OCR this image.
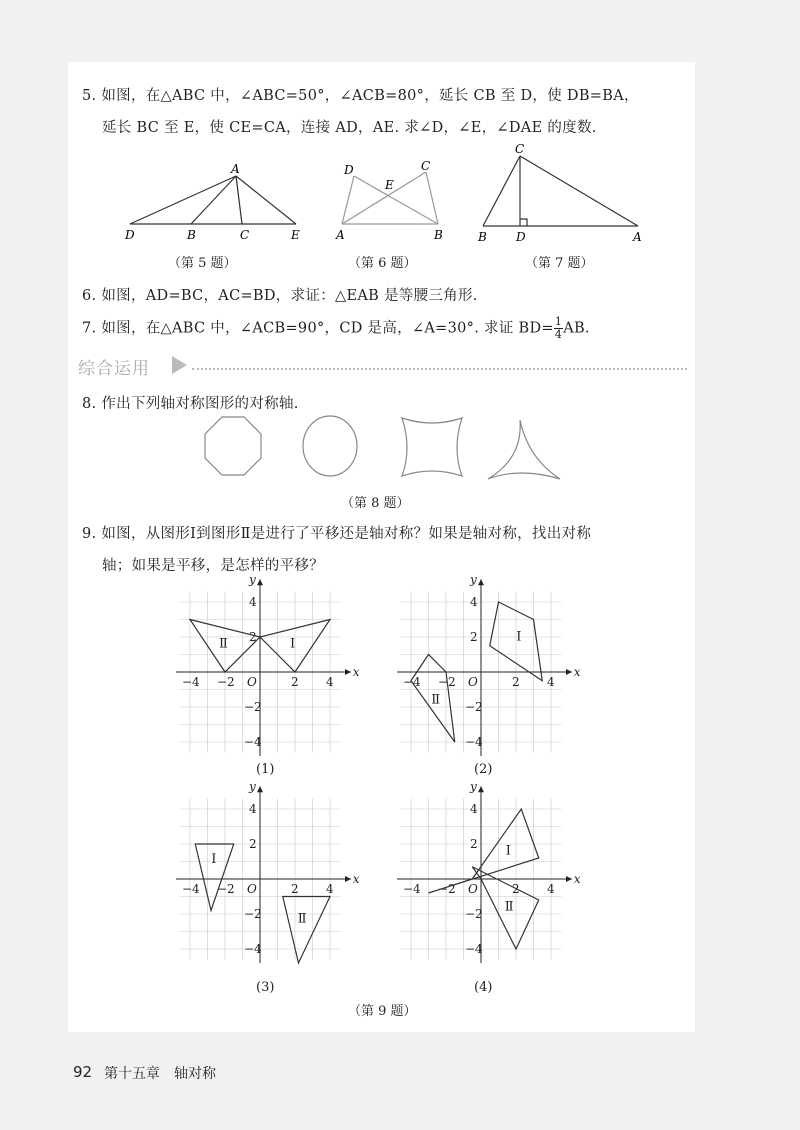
5. 如图，在△ABC 中，∠ABC=50°，∠ACB=80°，延长 CB 至 D，使 DB=BA，
延长 BC 至 E，使 CE=CA，连接 AD，AE. 求∠D，∠E，∠DAE 的度数.
A
D	B	C	E
（第 5 题）
D	C
E
A	B
（第 6 题）
C
B D	A
（第 7 题）
6. 如图，AD=BC，AC=BD，求证：△EAB 是等腰三角形.
7. 如图，在△ABC 中，∠ACB=90°，CD 是高，∠A=30°. 求证 $BD= \frac{1}{4}$ AB.
综合运用
8. 作出下列轴对称图形的对称轴.
（第 8 题）
9. 如图，从图形Ⅰ到图形Ⅱ是进行了平移还是轴对称？如果是轴对称，找出对称
轴；如果是平移，是怎样的平移？
x
y
O
−4 −2	2 4
4
2
−2
−4
Ⅰ
Ⅱ
x
y
O
−4 −2	2 4
4
2
−2
−4
Ⅰ
Ⅱ
x
y
O
−4 −2	2 4
4
2
−2
−4
Ⅰ
Ⅱ
x
y
O
−4 −2	2 4
4
2
−2
−4
Ⅰ
Ⅱ
(1)	(2)
(3)	(4)
（第 9 题）
92 第十五章　轴对称
